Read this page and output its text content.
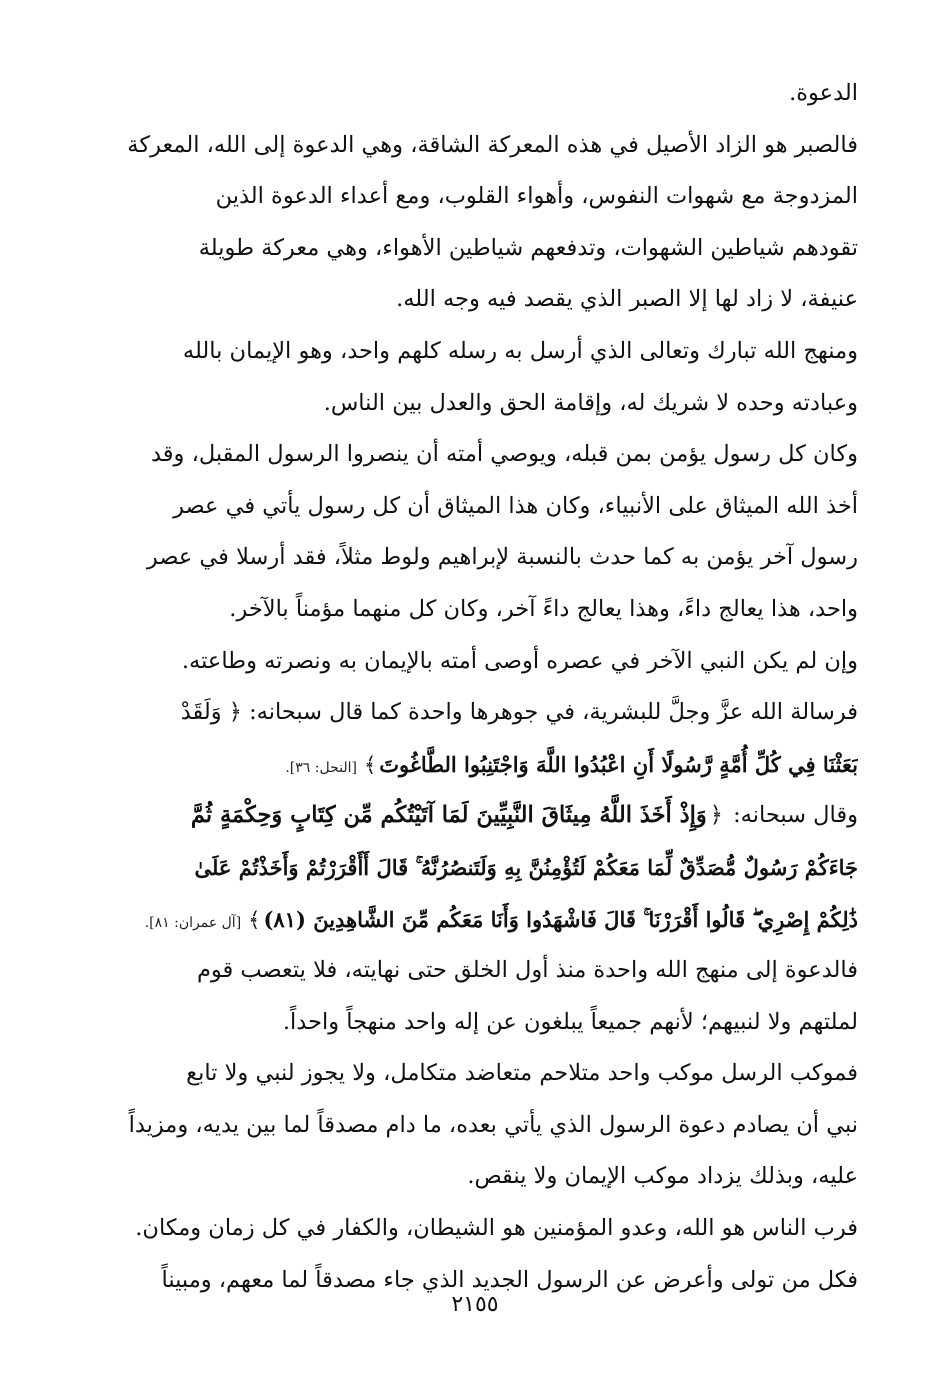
الدعوة.
فالصبر هو الزاد الأصيل في هذه المعركة الشاقة، وهي الدعوة إلى الله، المعركة
المزدوجة مع شهوات النفوس، وأهواء القلوب، ومع أعداء الدعوة الذين
تقودهم شياطين الشهوات، وتدفعهم شياطين الأهواء، وهي معركة طويلة
عنيفة، لا زاد لها إلا الصبر الذي يقصد فيه وجه الله.
ومنهج الله تبارك وتعالى الذي أرسل به رسله كلهم واحد، وهو الإيمان بالله
وعبادته وحده لا شريك له، وإقامة الحق والعدل بين الناس.
وكان كل رسول يؤمن بمن قبله، ويوصي أمته أن ينصروا الرسول المقبل، وقد
أخذ الله الميثاق على الأنبياء، وكان هذا الميثاق أن كل رسول يأتي في عصر
رسول آخر يؤمن به كما حدث بالنسبة لإبراهيم ولوط مثلاً، فقد أرسلا في عصر
واحد، هذا يعالج داءً، وهذا يعالج داءً آخر، وكان كل منهما مؤمناً بالآخر.
وإن لم يكن النبي الآخر في عصره أوصى أمته بالإيمان به ونصرته وطاعته.
فرسالة الله عزَّ وجلَّ للبشرية، في جوهرها واحدة كما قال سبحانه: ﴿ وَلَقَدْ
بَعَثْنَا فِي كُلِّ أُمَّةٍ رَّسُولًا أَنِ اعْبُدُوا اللَّهَ وَاجْتَنِبُوا الطَّاغُوتَ﴾[النحل: ٣٦].
وقال سبحانه: ﴿وَإِذْ أَخَذَ اللَّهُ مِيثَاقَ النَّبِيِّينَ لَمَا آتَيْتُكُم مِّن كِتَابٍ وَحِكْمَةٍ ثُمَّ
جَاءَكُمْ رَسُولٌ مُّصَدِّقٌ لِّمَا مَعَكُمْ لَتُؤْمِنُنَّ بِهِ وَلَتَنصُرُنَّهُ ۚ قَالَ أَأَقْرَرْتُمْ وَأَخَذْتُمْ عَلَىٰ
ذَٰلِكُمْ إِصْرِي ۖ قَالُوا أَقْرَرْنَا ۚ قَالَ فَاشْهَدُوا وَأَنَا مَعَكُم مِّنَ الشَّاهِدِينَ (٨١)﴾[آل عمران: ٨١].
فالدعوة إلى منهج الله واحدة منذ أول الخلق حتى نهايته، فلا يتعصب قوم
لملتهم ولا لنبيهم؛ لأنهم جميعاً يبلغون عن إله واحد منهجاً واحداً.
فموكب الرسل موكب واحد متلاحم متعاضد متكامل، ولا يجوز لنبي ولا تابع
نبي أن يصادم دعوة الرسول الذي يأتي بعده، ما دام مصدقاً لما بين يديه، ومزيداً
عليه، وبذلك يزداد موكب الإيمان ولا ينقص.
فرب الناس هو الله، وعدو المؤمنين هو الشيطان، والكفار في كل زمان ومكان.
فكل من تولى وأعرض عن الرسول الجديد الذي جاء مصدقاً لما معهم، ومبيناً
٢١٥٥
